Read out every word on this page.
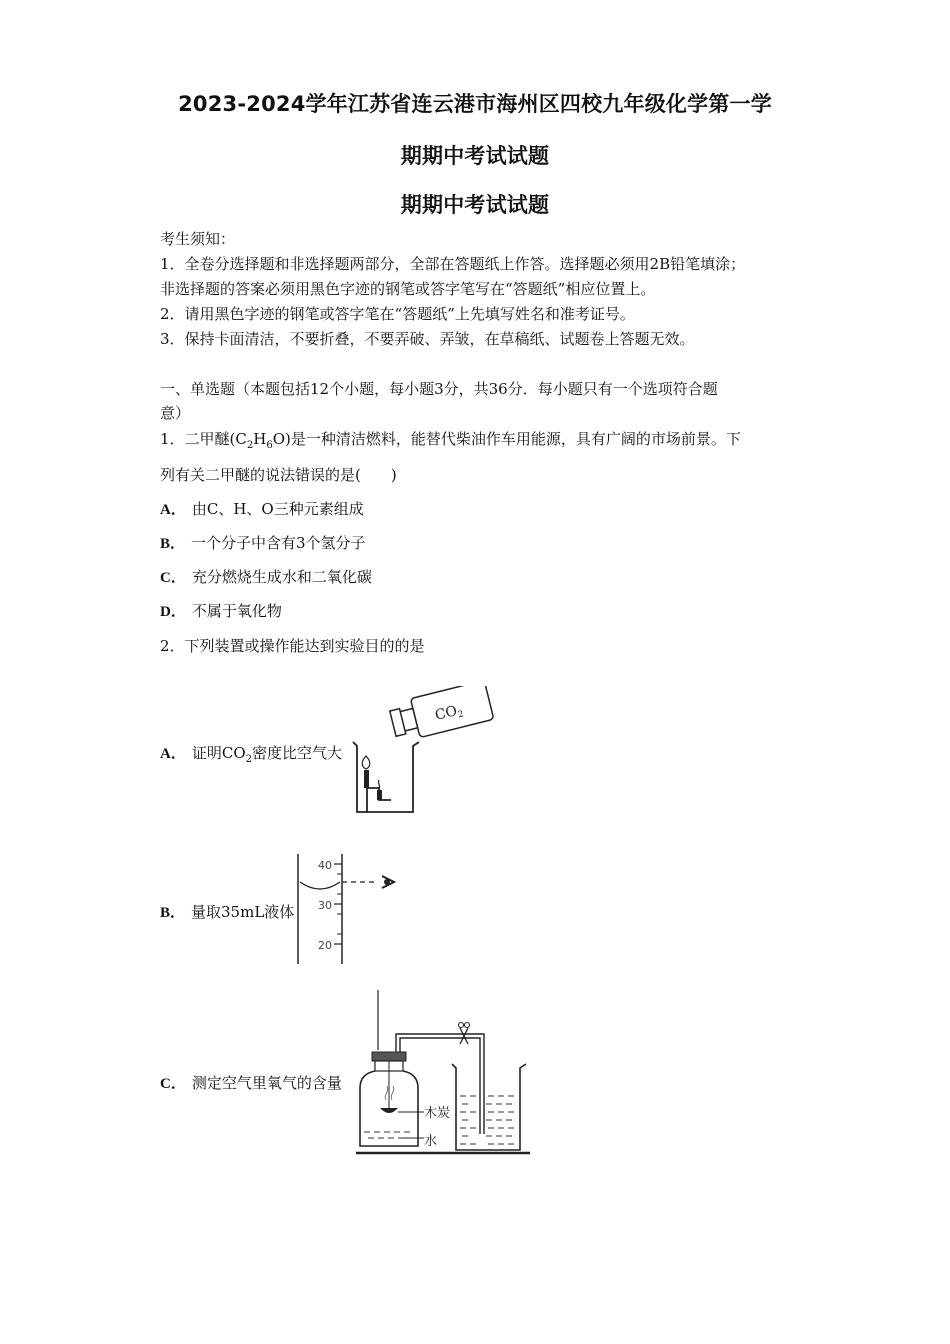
2023-2024学年江苏省连云港市海州区四校九年级化学第一学
期期中考试试题
期期中考试试题
考生须知：
1．全卷分选择题和非选择题两部分，全部在答题纸上作答。选择题必须用2B铅笔填涂；
非选择题的答案必须用黑色字迹的钢笔或答字笔写在“答题纸”相应位置上。
2．请用黑色字迹的钢笔或答字笔在“答题纸”上先填写姓名和准考证号。
3．保持卡面清洁，不要折叠，不要弄破、弄皱，在草稿纸、试题卷上答题无效。
一、单选题（本题包括12个小题，每小题3分，共36分．每小题只有一个选项符合题
意）
1．二甲醚$(C_2H_6O)$是一种清洁燃料，能替代柴油作车用能源，具有广阔的市场前景。下
列有关二甲醚的说法错误的是(　　)
A． 由C、H、O三种元素组成
B． 一个分子中含有3个氢分子
C． 充分燃烧生成水和二氧化碳
D． 不属于氧化物
2．下列装置或操作能达到实验目的的是
A． 证明$CO_2$密度比空气大
$CO_2$
B． 量取35mL液体
40
30
20
C． 测定空气里氧气的含量
木炭
水
